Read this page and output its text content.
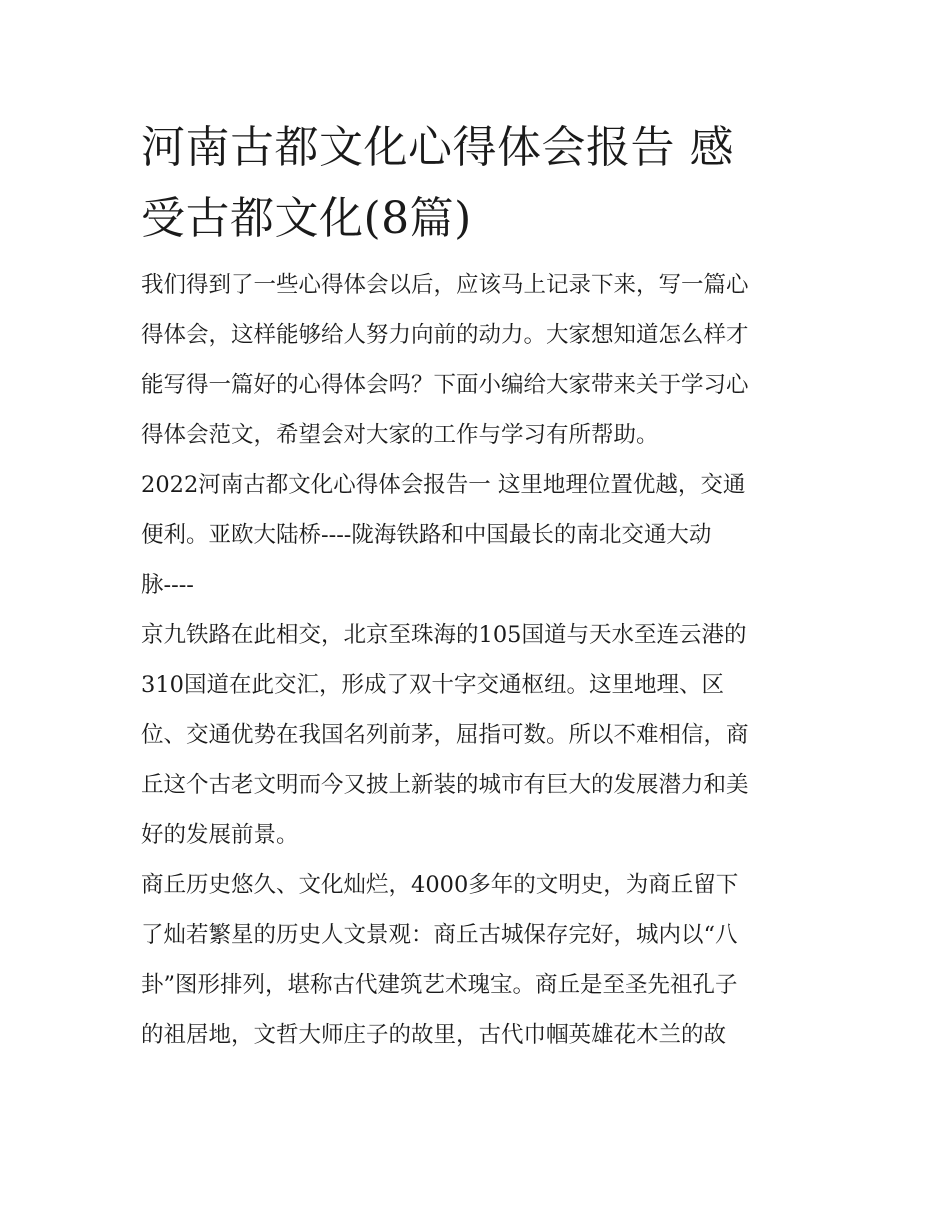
河南古都文化心得体会报告 感
受古都文化(8篇)

我们得到了一些心得体会以后，应该马上记录下来，写一篇心
得体会，这样能够给人努力向前的动力。大家想知道怎么样才
能写得一篇好的心得体会吗？下面小编给大家带来关于学习心
得体会范文，希望会对大家的工作与学习有所帮助。

2022河南古都文化心得体会报告一 这里地理位置优越，交通
便利。亚欧大陆桥----陇海铁路和中国最长的南北交通大动
脉----

京九铁路在此相交，北京至珠海的105国道与天水至连云港的
310国道在此交汇，形成了双十字交通枢纽。这里地理、区
位、交通优势在我国名列前茅，屈指可数。所以不难相信，商
丘这个古老文明而今又披上新装的城市有巨大的发展潜力和美
好的发展前景。

商丘历史悠久、文化灿烂，4000多年的文明史，为商丘留下
了灿若繁星的历史人文景观：商丘古城保存完好，城内以“八
卦”图形排列，堪称古代建筑艺术瑰宝。商丘是至圣先祖孔子
的祖居地，文哲大师庄子的故里，古代巾帼英雄花木兰的故
